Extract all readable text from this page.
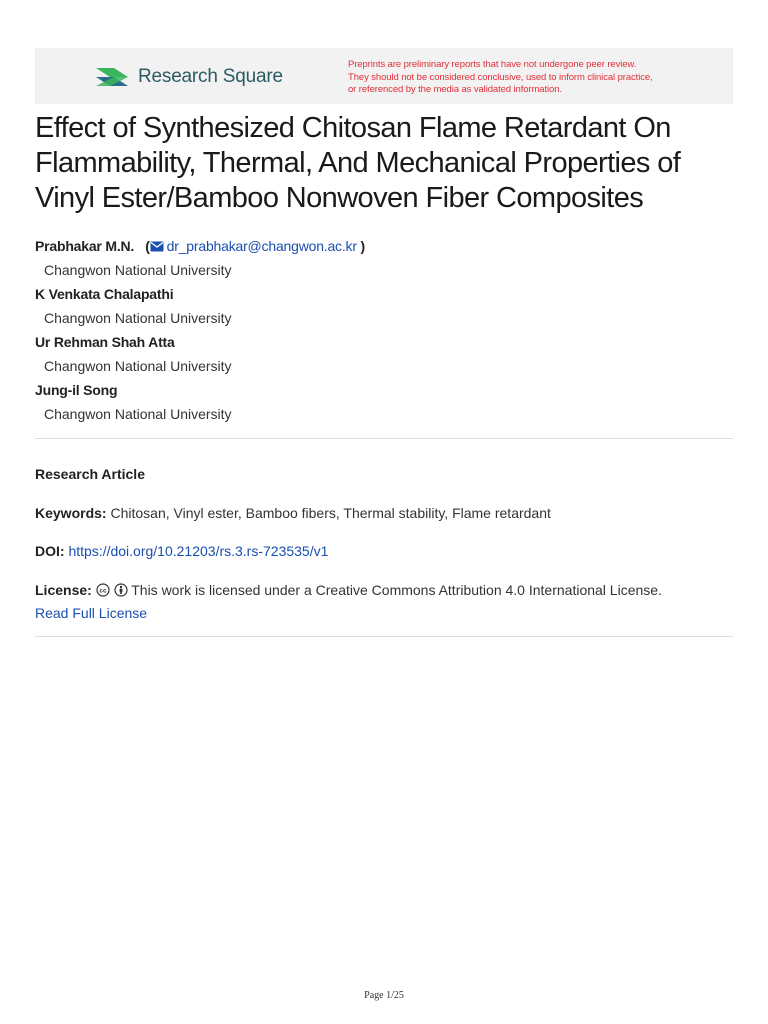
Research Square
Preprints are preliminary reports that have not undergone peer review.
They should not be considered conclusive, used to inform clinical practice,
or referenced by the media as validated information.
Effect of Synthesized Chitosan Flame Retardant On Flammability, Thermal, And Mechanical Properties of Vinyl Ester/Bamboo Nonwoven Fiber Composites
Prabhakar M.N.   ( dr_prabhakar@changwon.ac.kr )
Changwon National University
K Venkata Chalapathi
Changwon National University
Ur Rehman Shah Atta
Changwon National University
Jung-il Song
Changwon National University
Research Article
Keywords: Chitosan, Vinyl ester, Bamboo fibers, Thermal stability, Flame retardant
DOI: https://doi.org/10.21203/rs.3.rs-723535/v1
License: cc This work is licensed under a Creative Commons Attribution 4.0 International License.
Read Full License
Page 1/25
